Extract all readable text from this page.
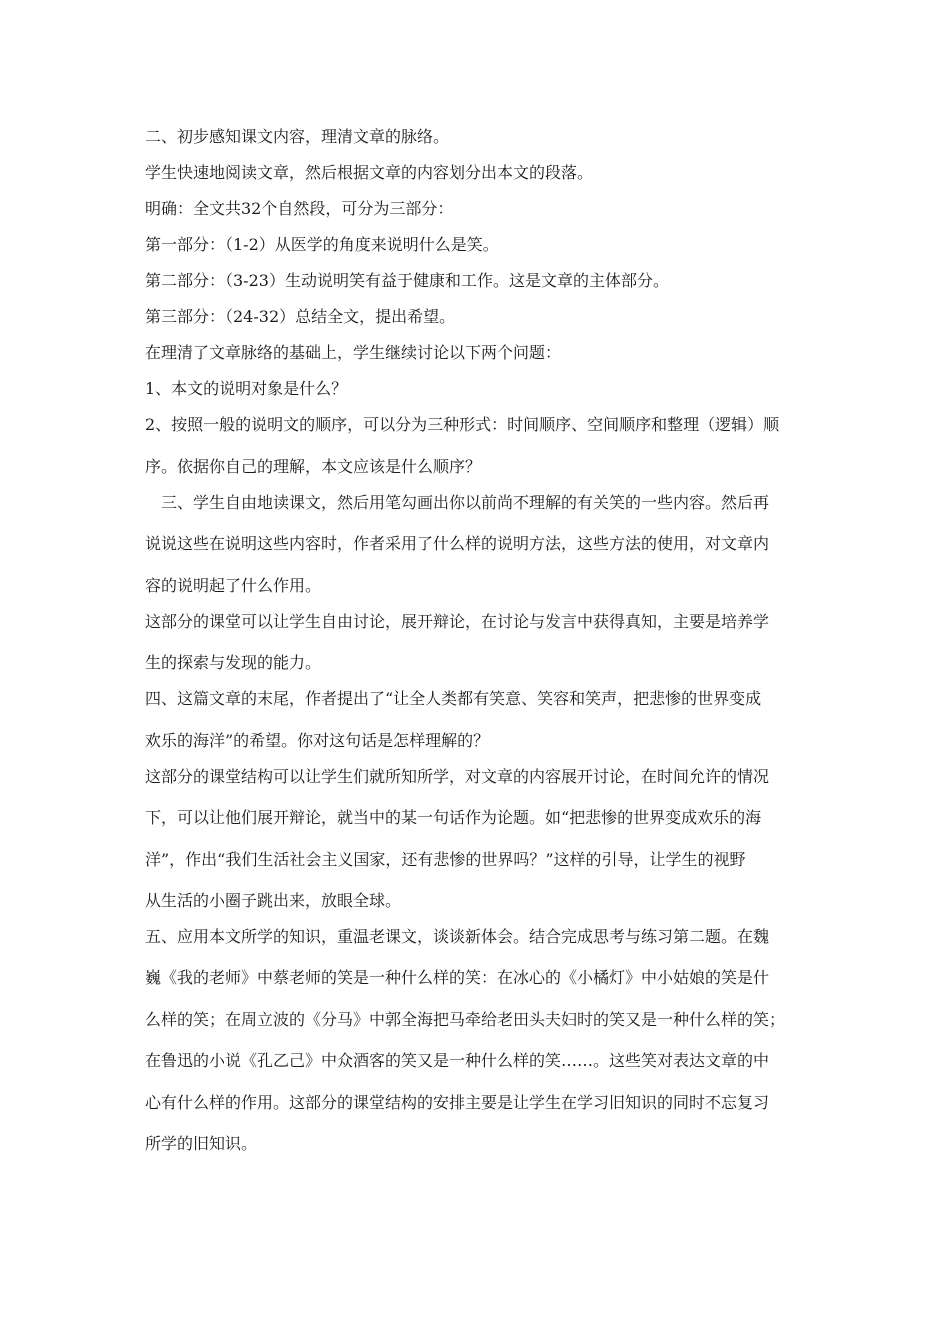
二、初步感知课文内容，理清文章的脉络。
学生快速地阅读文章，然后根据文章的内容划分出本文的段落。
明确：全文共32个自然段，可分为三部分：
第一部分：（1-2）从医学的角度来说明什么是笑。
第二部分：（3-23）生动说明笑有益于健康和工作。这是文章的主体部分。
第三部分：（24-32）总结全文，提出希望。
在理清了文章脉络的基础上，学生继续讨论以下两个问题：
1、本文的说明对象是什么？
2、按照一般的说明文的顺序，可以分为三种形式：时间顺序、空间顺序和整理（逻辑）顺
序。依据你自己的理解，本文应该是什么顺序？
三、学生自由地读课文，然后用笔勾画出你以前尚不理解的有关笑的一些内容。然后再
说说这些在说明这些内容时，作者采用了什么样的说明方法，这些方法的使用，对文章内
容的说明起了什么作用。
这部分的课堂可以让学生自由讨论，展开辩论，在讨论与发言中获得真知，主要是培养学
生的探索与发现的能力。
四、这篇文章的末尾，作者提出了“让全人类都有笑意、笑容和笑声，把悲惨的世界变成
欢乐的海洋”的希望。你对这句话是怎样理解的？
这部分的课堂结构可以让学生们就所知所学，对文章的内容展开讨论，在时间允许的情况
下，可以让他们展开辩论，就当中的某一句话作为论题。如“把悲惨的世界变成欢乐的海
洋”，作出“我们生活社会主义国家，还有悲惨的世界吗？”这样的引导，让学生的视野
从生活的小圈子跳出来，放眼全球。
五、应用本文所学的知识，重温老课文，谈谈新体会。结合完成思考与练习第二题。在魏
巍《我的老师》中蔡老师的笑是一种什么样的笑：在冰心的《小橘灯》中小姑娘的笑是什
么样的笑；在周立波的《分马》中郭全海把马牵给老田头夫妇时的笑又是一种什么样的笑；
在鲁迅的小说《孔乙己》中众酒客的笑又是一种什么样的笑……。这些笑对表达文章的中
心有什么样的作用。这部分的课堂结构的安排主要是让学生在学习旧知识的同时不忘复习
所学的旧知识。
